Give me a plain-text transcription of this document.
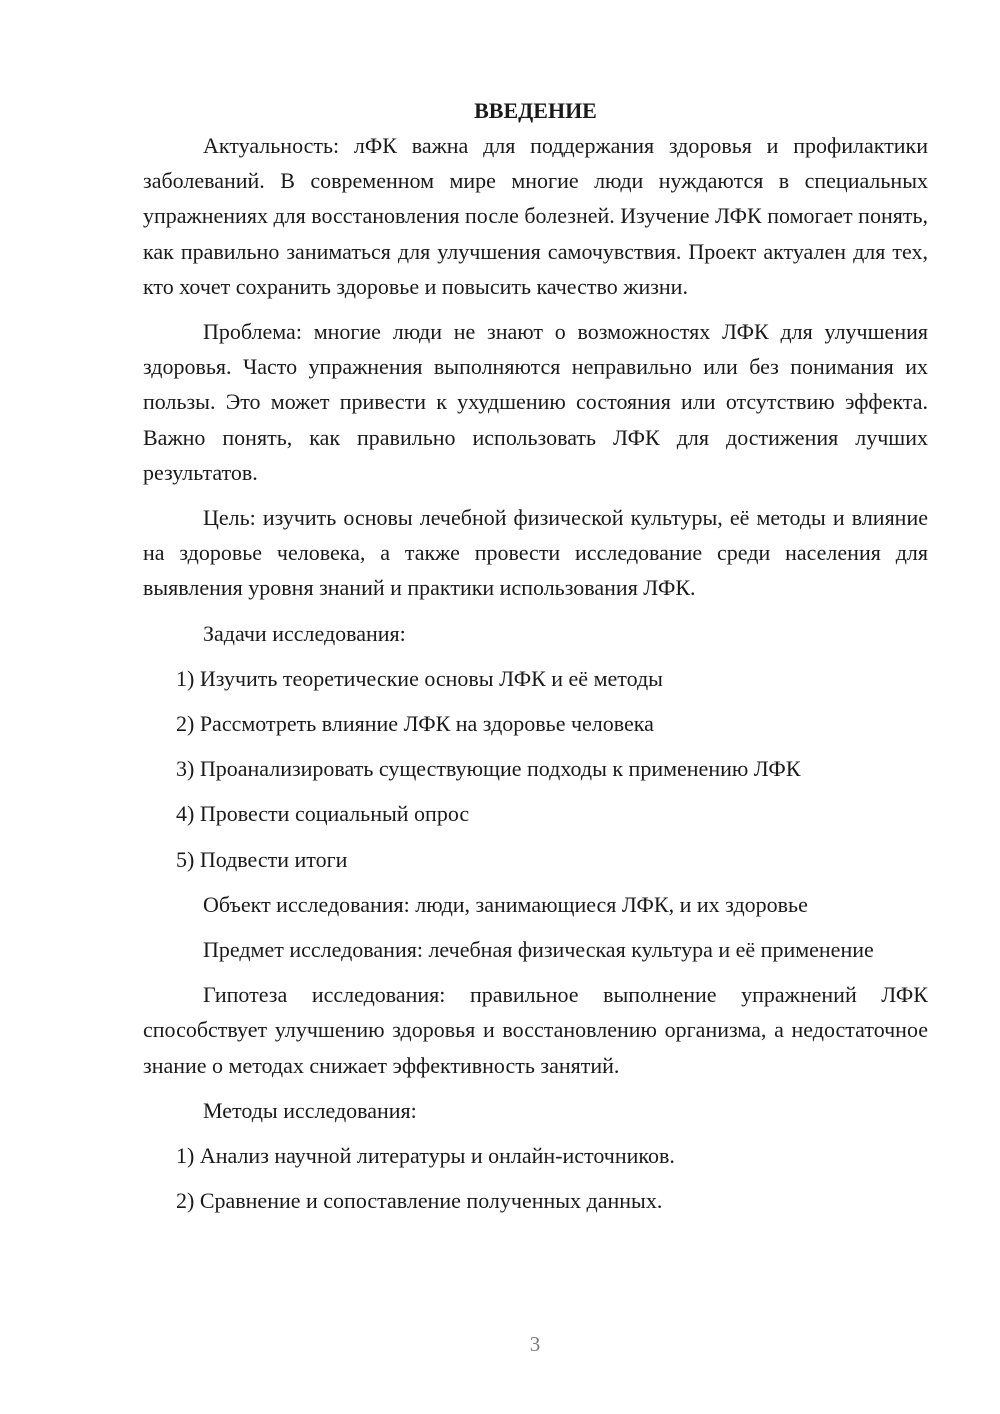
ВВЕДЕНИЕ

Актуальность: лФК важна для поддержания здоровья и профилактики заболеваний. В современном мире многие люди нуждаются в специальных упражнениях для восстановления после болезней. Изучение ЛФК помогает понять, как правильно заниматься для улучшения самочувствия. Проект актуален для тех, кто хочет сохранить здоровье и повысить качество жизни.

Проблема: многие люди не знают о возможностях ЛФК для улучшения здоровья. Часто упражнения выполняются неправильно или без понимания их пользы. Это может привести к ухудшению состояния или отсутствию эффекта. Важно понять, как правильно использовать ЛФК для достижения лучших результатов.

Цель: изучить основы лечебной физической культуры, её методы и влияние на здоровье человека, а также провести исследование среди населения для выявления уровня знаний и практики использования ЛФК.

Задачи исследования:
1) Изучить теоретические основы ЛФК и её методы
2) Рассмотреть влияние ЛФК на здоровье человека
3) Проанализировать существующие подходы к применению ЛФК
4) Провести социальный опрос
5) Подвести итоги
Объект исследования: люди, занимающиеся ЛФК, и их здоровье

Предмет исследования: лечебная физическая культура и её применение

Гипотеза исследования: правильное выполнение упражнений ЛФК способствует улучшению здоровья и восстановлению организма, а недостаточное знание о методах снижает эффективность занятий.

Методы исследования:
1) Анализ научной литературы и онлайн-источников.
2) Сравнение и сопоставление полученных данных.
3
